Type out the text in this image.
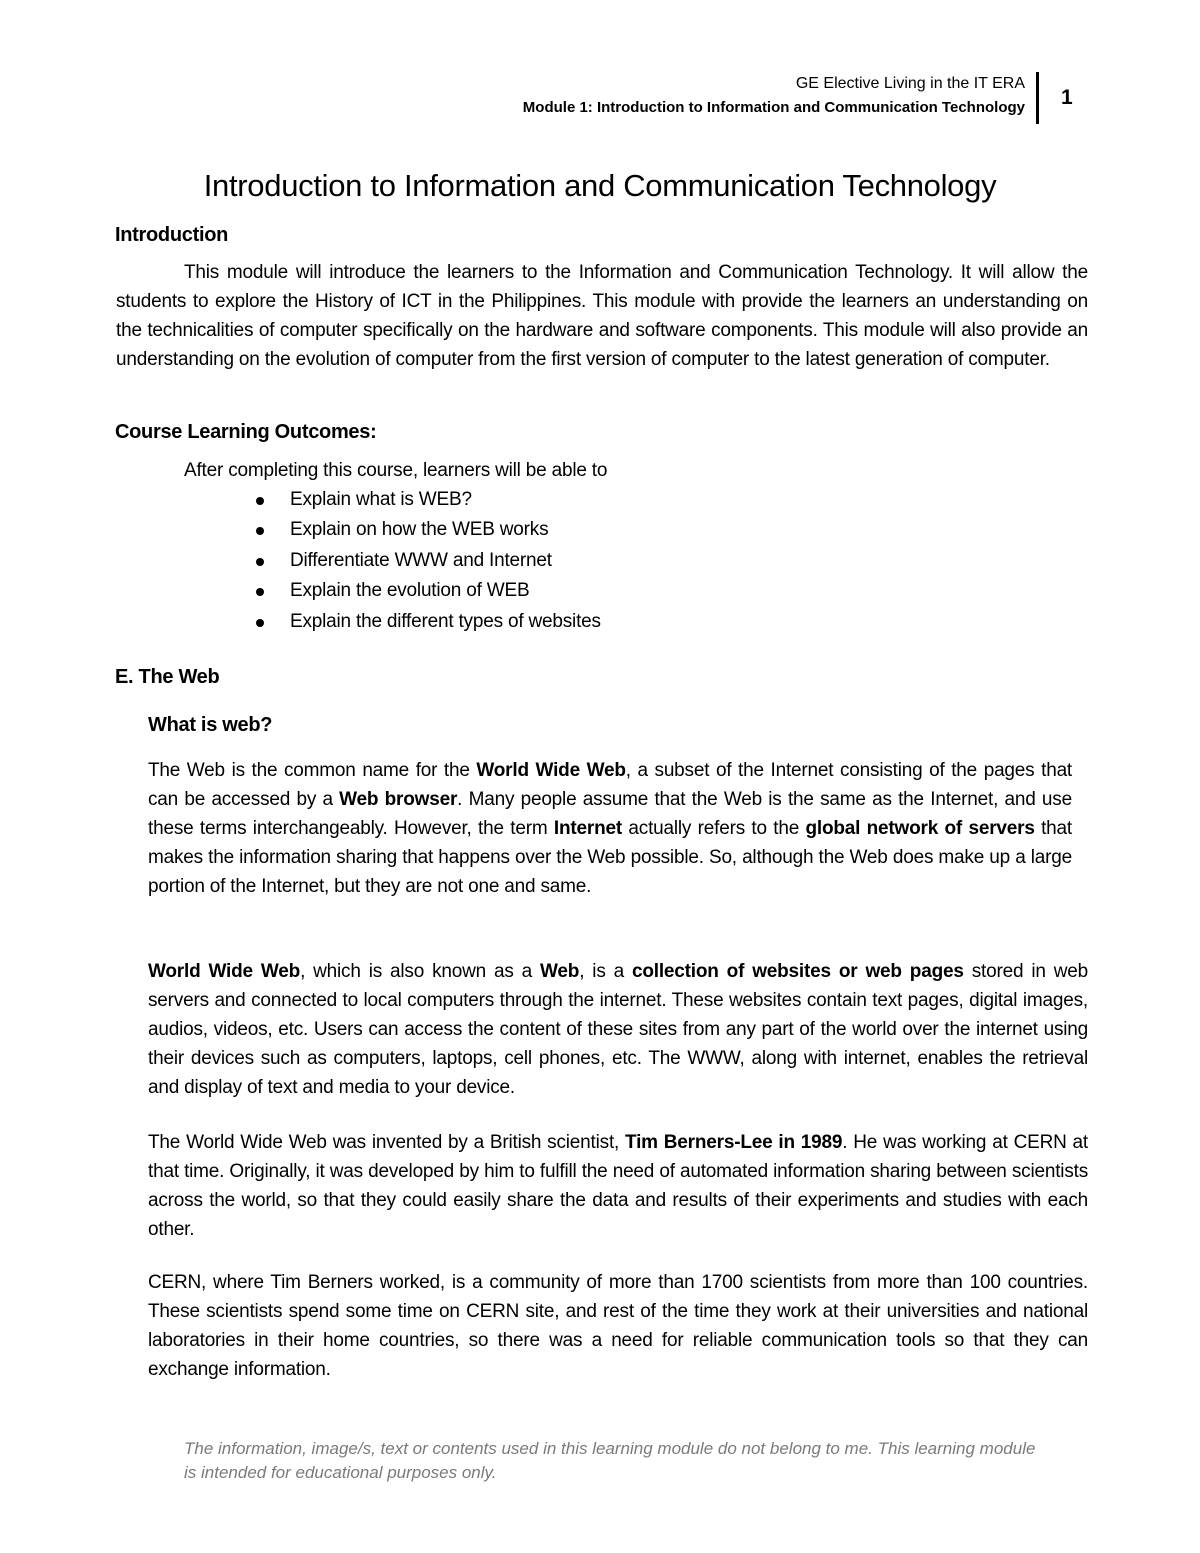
GE Elective Living in the IT ERA
Module 1: Introduction to Information and Communication Technology 1
Introduction to Information and Communication Technology
Introduction
This module will introduce the learners to the Information and Communication Technology. It will allow the students to explore the History of ICT in the Philippines. This module with provide the learners an understanding on the technicalities of computer specifically on the hardware and software components. This module will also provide an understanding on the evolution of computer from the first version of computer to the latest generation of computer.
Course Learning Outcomes:
After completing this course, learners will be able to
Explain what is WEB?
Explain on how the WEB works
Differentiate WWW and Internet
Explain the evolution of WEB
Explain the different types of websites
E. The Web
What is web?
The Web is the common name for the World Wide Web, a subset of the Internet consisting of the pages that can be accessed by a Web browser. Many people assume that the Web is the same as the Internet, and use these terms interchangeably. However, the term Internet actually refers to the global network of servers that makes the information sharing that happens over the Web possible. So, although the Web does make up a large portion of the Internet, but they are not one and same.
World Wide Web, which is also known as a Web, is a collection of websites or web pages stored in web servers and connected to local computers through the internet. These websites contain text pages, digital images, audios, videos, etc. Users can access the content of these sites from any part of the world over the internet using their devices such as computers, laptops, cell phones, etc. The WWW, along with internet, enables the retrieval and display of text and media to your device.
The World Wide Web was invented by a British scientist, Tim Berners-Lee in 1989. He was working at CERN at that time. Originally, it was developed by him to fulfill the need of automated information sharing between scientists across the world, so that they could easily share the data and results of their experiments and studies with each other.
CERN, where Tim Berners worked, is a community of more than 1700 scientists from more than 100 countries. These scientists spend some time on CERN site, and rest of the time they work at their universities and national laboratories in their home countries, so there was a need for reliable communication tools so that they can exchange information.
The information, image/s, text or contents used in this learning module do not belong to me. This learning module is intended for educational purposes only.
